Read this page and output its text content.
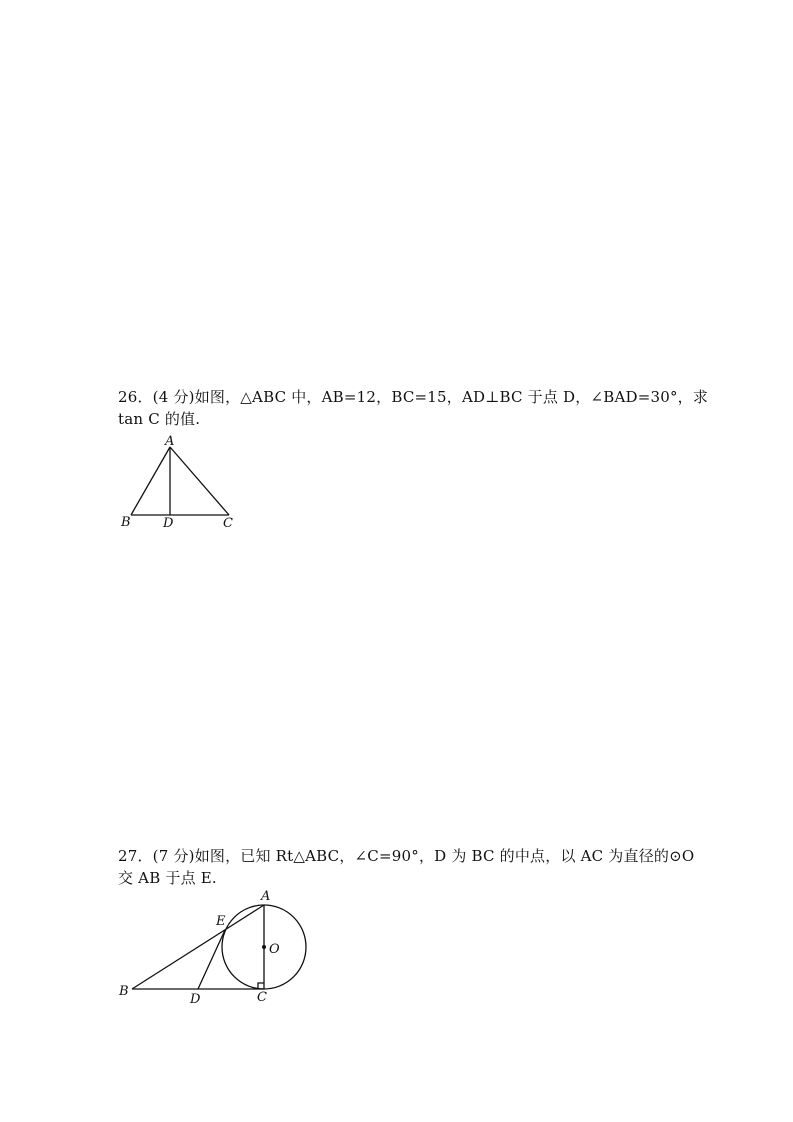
26．(4 分)如图，△ABC 中，AB=12，BC=15，AD⊥BC 于点 D，∠BAD=30°，求
tan C 的值.
A
B D	C
27．(7 分)如图，已知 Rt△ABC，∠C=90°，D 为 BC 的中点，以 AC 为直径的⊙O
交 AB 于点 E.
A
E
O
B
D	C
